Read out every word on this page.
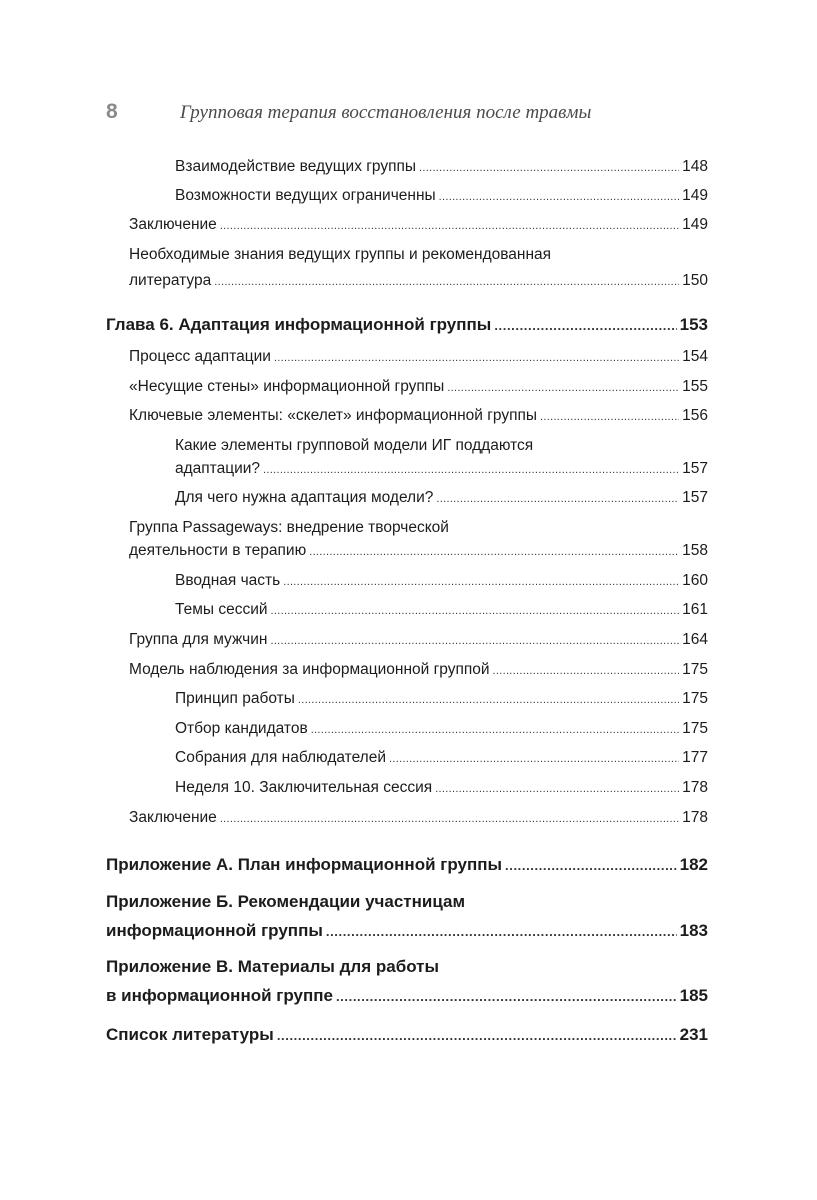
8	Групповая терапия восстановления после травмы
Взаимодействие ведущих группы .....	148
Возможности ведущих ограниченны .....	149
Заключение .....	149
Необходимые знания ведущих группы и рекомендованная
литература .....	150
Глава 6. Адаптация информационной группы .....	153
Процесс адаптации .....	154
«Несущие стены» информационной группы .....	155
Ключевые элементы: «скелет» информационной группы .....	156
Какие элементы групповой модели ИГ поддаются
адаптации? .....	157
Для чего нужна адаптация модели? .....	157
Группа Passageways: внедрение творческой
деятельности в терапию .....	158
Вводная часть .....	160
Темы сессий .....	161
Группа для мужчин .....	164
Модель наблюдения за информационной группой .....	175
Принцип работы .....	175
Отбор кандидатов .....	175
Собрания для наблюдателей .....	177
Неделя 10. Заключительная сессия .....	178
Заключение .....	178
Приложение А. План информационной группы .....	182
Приложение Б. Рекомендации участницам
информационной группы .....	183
Приложение В. Материалы для работы
в информационной группе .....	185
Список литературы .....	231
